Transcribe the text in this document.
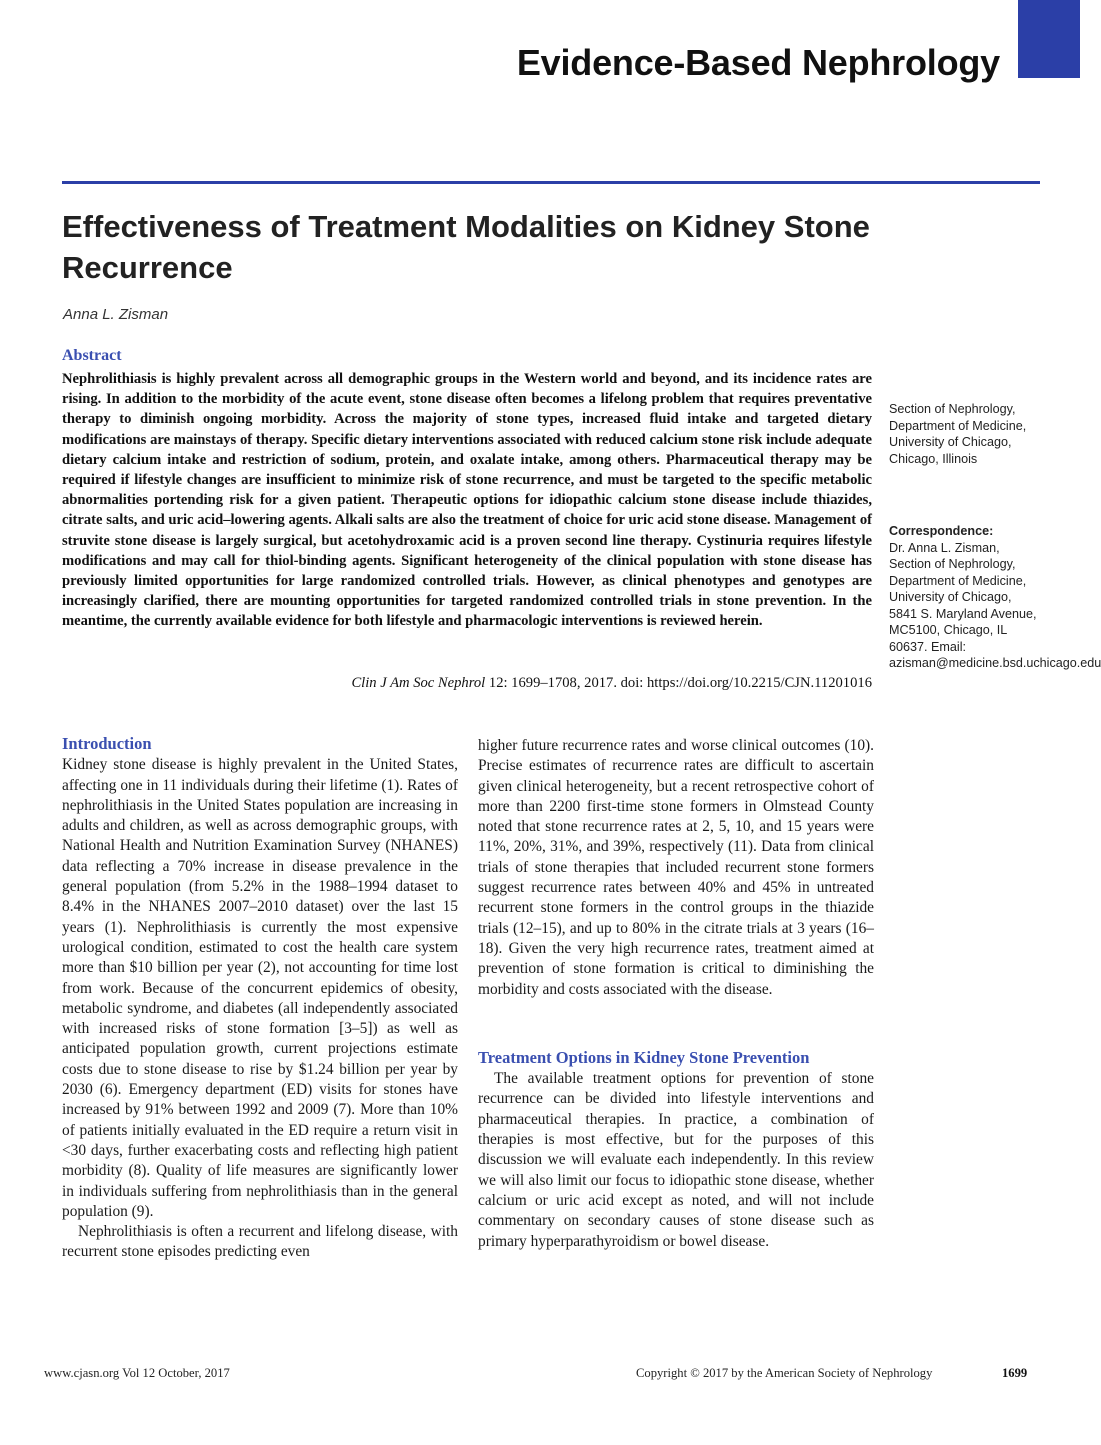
Evidence-Based Nephrology
Effectiveness of Treatment Modalities on Kidney Stone Recurrence
Anna L. Zisman
Abstract
Nephrolithiasis is highly prevalent across all demographic groups in the Western world and beyond, and its incidence rates are rising. In addition to the morbidity of the acute event, stone disease often becomes a lifelong problem that requires preventative therapy to diminish ongoing morbidity. Across the majority of stone types, increased fluid intake and targeted dietary modifications are mainstays of therapy. Specific dietary interventions associated with reduced calcium stone risk include adequate dietary calcium intake and restriction of sodium, protein, and oxalate intake, among others. Pharmaceutical therapy may be required if lifestyle changes are insufficient to minimize risk of stone recurrence, and must be targeted to the specific metabolic abnormalities portending risk for a given patient. Therapeutic options for idiopathic calcium stone disease include thiazides, citrate salts, and uric acid–lowering agents. Alkali salts are also the treatment of choice for uric acid stone disease. Management of struvite stone disease is largely surgical, but acetohydroxamic acid is a proven second line therapy. Cystinuria requires lifestyle modifications and may call for thiol-binding agents. Significant heterogeneity of the clinical population with stone disease has previously limited opportunities for large randomized controlled trials. However, as clinical phenotypes and genotypes are increasingly clarified, there are mounting opportunities for targeted randomized controlled trials in stone prevention. In the meantime, the currently available evidence for both lifestyle and pharmacologic interventions is reviewed herein.
Clin J Am Soc Nephrol 12: 1699–1708, 2017. doi: https://doi.org/10.2215/CJN.11201016
Section of Nephrology, Department of Medicine, University of Chicago, Chicago, Illinois
Correspondence:
Dr. Anna L. Zisman, Section of Nephrology, Department of Medicine, University of Chicago, 5841 S. Maryland Avenue, MC5100, Chicago, IL 60637. Email: azisman@medicine.bsd.uchicago.edu
Introduction

Kidney stone disease is highly prevalent in the United States, affecting one in 11 individuals during their lifetime (1). Rates of nephrolithiasis in the United States population are increasing in adults and children, as well as across demographic groups, with National Health and Nutrition Examination Survey (NHANES) data reflecting a 70% increase in disease prevalence in the general population (from 5.2% in the 1988–1994 dataset to 8.4% in the NHANES 2007–2010 dataset) over the last 15 years (1). Nephrolithiasis is currently the most expensive urological condition, estimated to cost the health care system more than $10 billion per year (2), not accounting for time lost from work. Because of the concurrent epidemics of obesity, metabolic syndrome, and diabetes (all independently associated with increased risks of stone formation [3–5]) as well as anticipated population growth, current projections estimate costs due to stone disease to rise by $1.24 billion per year by 2030 (6). Emergency department (ED) visits for stones have increased by 91% between 1992 and 2009 (7). More than 10% of patients initially evaluated in the ED require a return visit in <30 days, further exacerbating costs and reflecting high patient morbidity (8). Quality of life measures are significantly lower in individuals suffering from nephrolithiasis than in the general population (9).

Nephrolithiasis is often a recurrent and lifelong disease, with recurrent stone episodes predicting even

higher future recurrence rates and worse clinical outcomes (10). Precise estimates of recurrence rates are difficult to ascertain given clinical heterogeneity, but a recent retrospective cohort of more than 2200 first-time stone formers in Olmstead County noted that stone recurrence rates at 2, 5, 10, and 15 years were 11%, 20%, 31%, and 39%, respectively (11). Data from clinical trials of stone therapies that included recurrent stone formers suggest recurrence rates between 40% and 45% in untreated recurrent stone formers in the control groups in the thiazide trials (12–15), and up to 80% in the citrate trials at 3 years (16–18). Given the very high recurrence rates, treatment aimed at prevention of stone formation is critical to diminishing the morbidity and costs associated with the disease.

Treatment Options in Kidney Stone Prevention

The available treatment options for prevention of stone recurrence can be divided into lifestyle interventions and pharmaceutical therapies. In practice, a combination of therapies is most effective, but for the purposes of this discussion we will evaluate each independently. In this review we will also limit our focus to idiopathic stone disease, whether calcium or uric acid except as noted, and will not include commentary on secondary causes of stone disease such as primary hyperparathyroidism or bowel disease.

www.cjasn.org Vol 12 October, 2017	Copyright © 2017 by the American Society of Nephrology	1699
